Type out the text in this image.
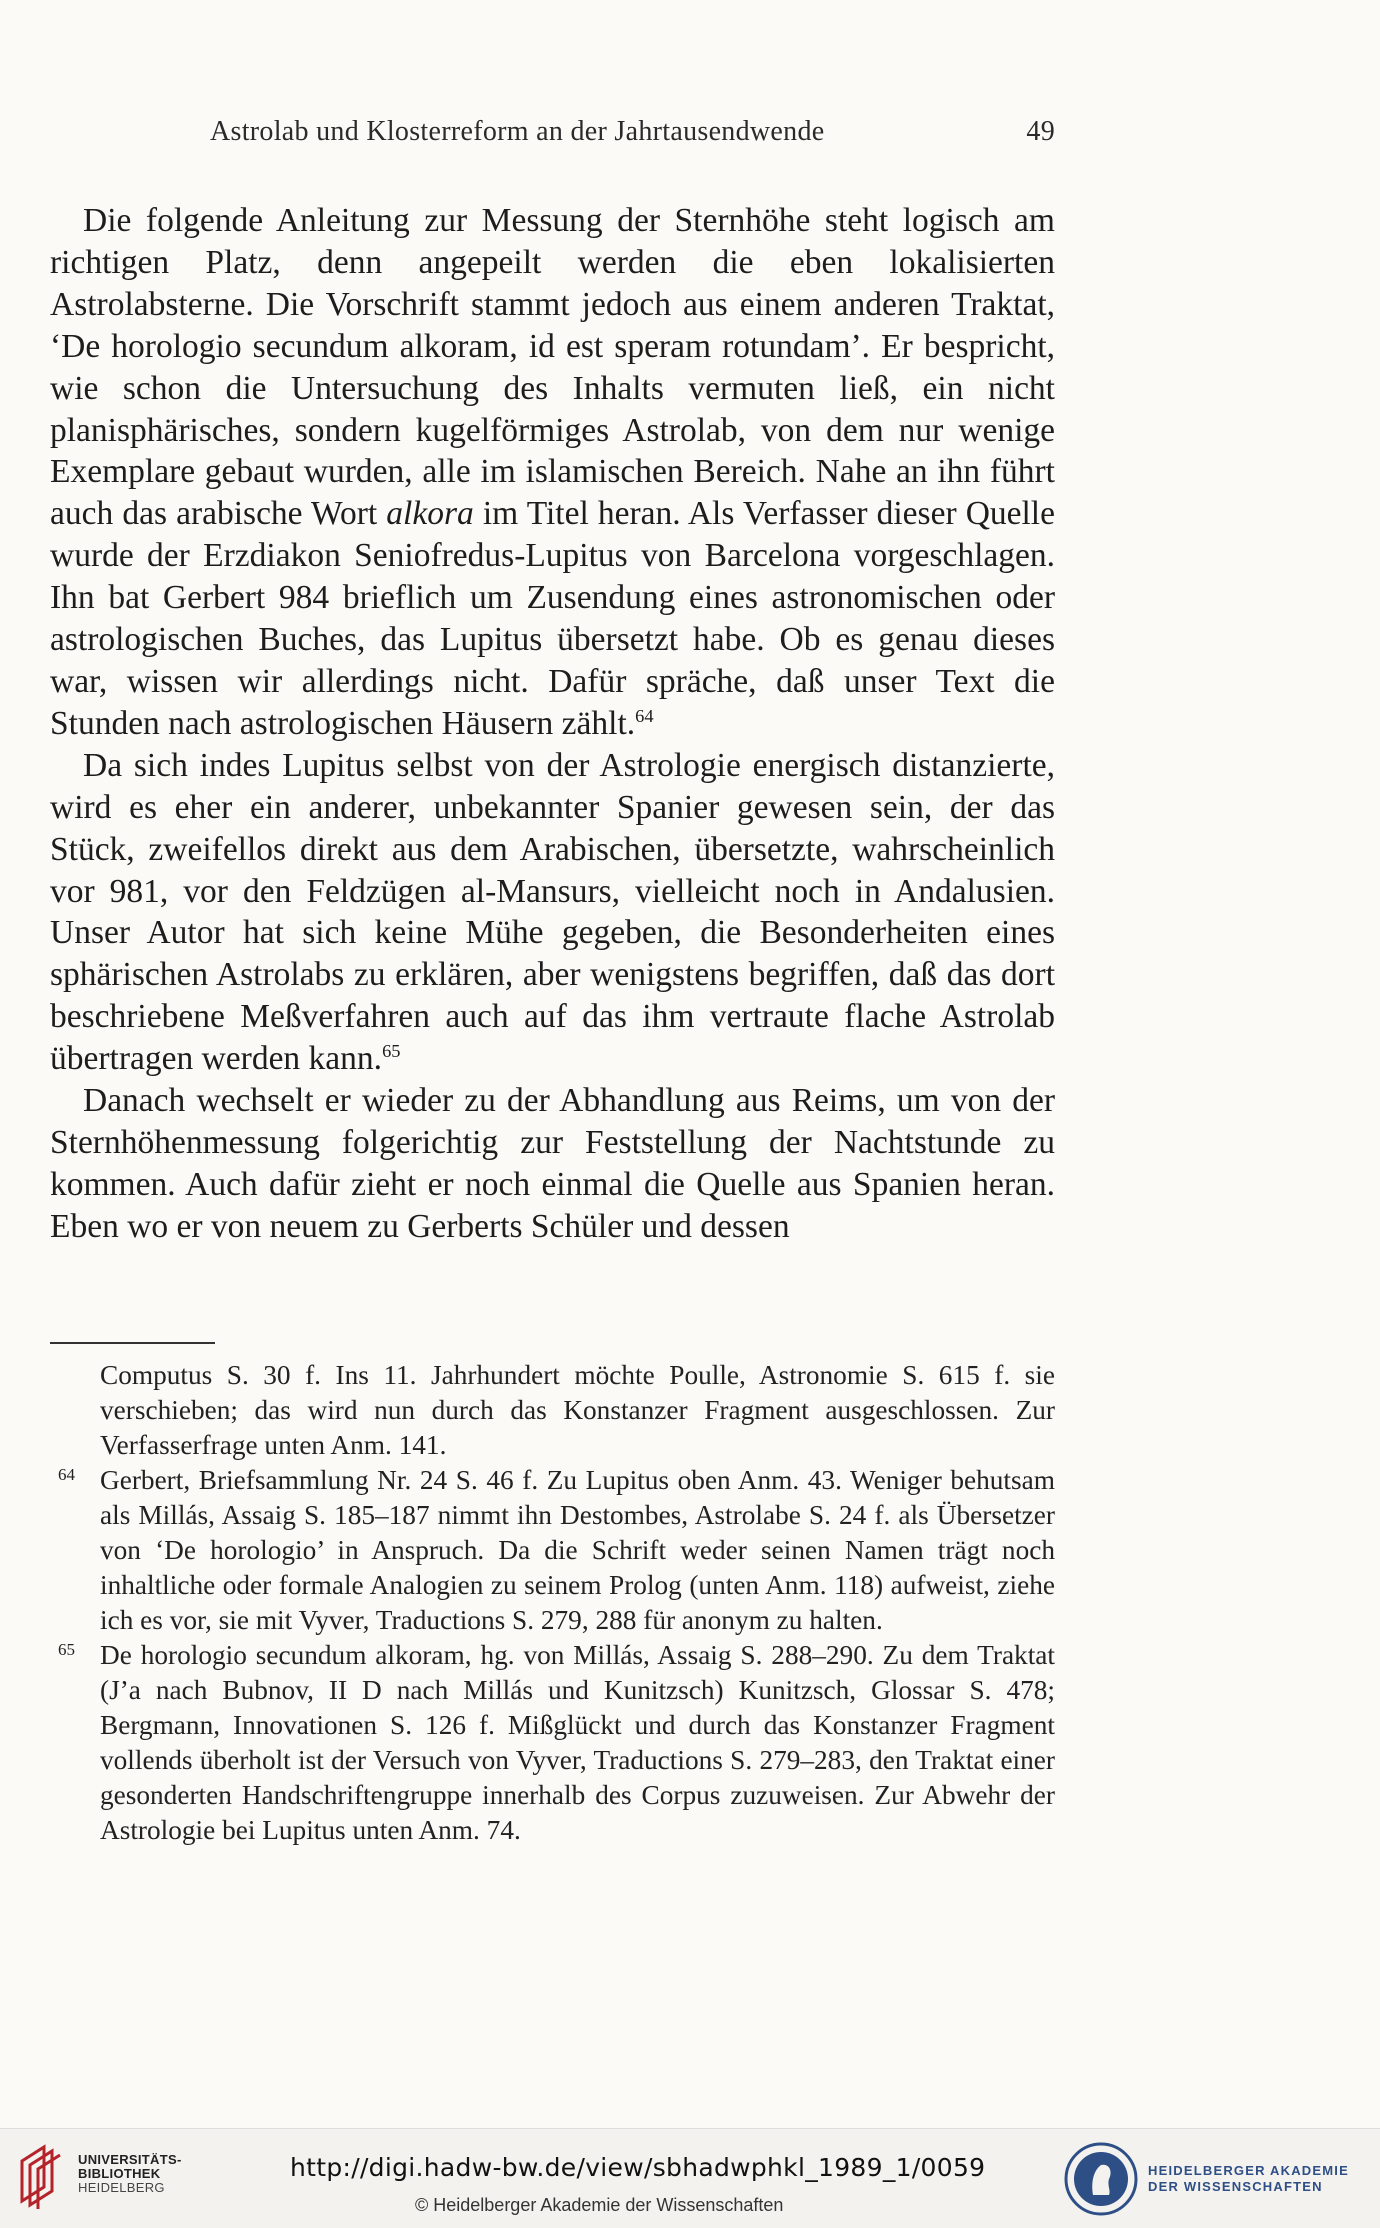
Astrolab und Klosterreform an der Jahrtausendwende	49

Die folgende Anleitung zur Messung der Sternhöhe steht logisch am richtigen Platz, denn angepeilt werden die eben lokalisierten Astrolabsterne. Die Vorschrift stammt jedoch aus einem anderen Traktat, ‘De horologio secundum alkoram, id est speram rotundam’. Er bespricht, wie schon die Untersuchung des Inhalts vermuten ließ, ein nicht planisphärisches, sondern kugelförmiges Astrolab, von dem nur wenige Exemplare gebaut wurden, alle im islamischen Bereich. Nahe an ihn führt auch das arabische Wort alkora im Titel heran. Als Verfasser dieser Quelle wurde der Erzdiakon Seniofredus-Lupitus von Barcelona vorgeschlagen. Ihn bat Gerbert 984 brieflich um Zusendung eines astronomischen oder astrologischen Buches, das Lupitus übersetzt habe. Ob es genau dieses war, wissen wir allerdings nicht. Dafür spräche, daß unser Text die Stunden nach astrologischen Häusern zählt.$^{64}$

Da sich indes Lupitus selbst von der Astrologie energisch distanzierte, wird es eher ein anderer, unbekannter Spanier gewesen sein, der das Stück, zweifellos direkt aus dem Arabischen, übersetzte, wahrscheinlich vor 981, vor den Feldzügen al-Mansurs, vielleicht noch in Andalusien. Unser Autor hat sich keine Mühe gegeben, die Besonderheiten eines sphärischen Astrolabs zu erklären, aber wenigstens begriffen, daß das dort beschriebene Meßverfahren auch auf das ihm vertraute flache Astrolab übertragen werden kann.$^{65}$

Danach wechselt er wieder zu der Abhandlung aus Reims, um von der Sternhöhenmessung folgerichtig zur Feststellung der Nachtstunde zu kommen. Auch dafür zieht er noch einmal die Quelle aus Spanien heran. Eben wo er von neuem zu Gerberts Schüler und dessen

Computus S. 30 f. Ins 11. Jahrhundert möchte Poulle, Astronomie S. 615 f. sie verschieben; das wird nun durch das Konstanzer Fragment ausgeschlossen. Zur Verfasserfrage unten Anm. 141.

64 Gerbert, Briefsammlung Nr. 24 S. 46 f. Zu Lupitus oben Anm. 43. Weniger behutsam als Millás, Assaig S. 185–187 nimmt ihn Destombes, Astrolabe S. 24 f. als Übersetzer von ‘De horologio’ in Anspruch. Da die Schrift weder seinen Namen trägt noch inhaltliche oder formale Analogien zu seinem Prolog (unten Anm. 118) aufweist, ziehe ich es vor, sie mit Vyver, Traductions S. 279, 288 für anonym zu halten.

65 De horologio secundum alkoram, hg. von Millás, Assaig S. 288–290. Zu dem Traktat (J’a nach Bubnov, II D nach Millás und Kunitzsch) Kunitzsch, Glossar S. 478; Bergmann, Innovationen S. 126 f. Mißglückt und durch das Konstanzer Fragment vollends überholt ist der Versuch von Vyver, Traductions S. 279–283, den Traktat einer gesonderten Handschriftengruppe innerhalb des Corpus zuzuweisen. Zur Abwehr der Astrologie bei Lupitus unten Anm. 74.

UNIVERSITÄTS-
BIBLIOTHEK
HEIDELBERG
http://digi.hadw-bw.de/view/sbhadwphkl_1989_1/0059
© Heidelberger Akademie der Wissenschaften
HEIDELBERGER AKADEMIE
DER WISSENSCHAFTEN
